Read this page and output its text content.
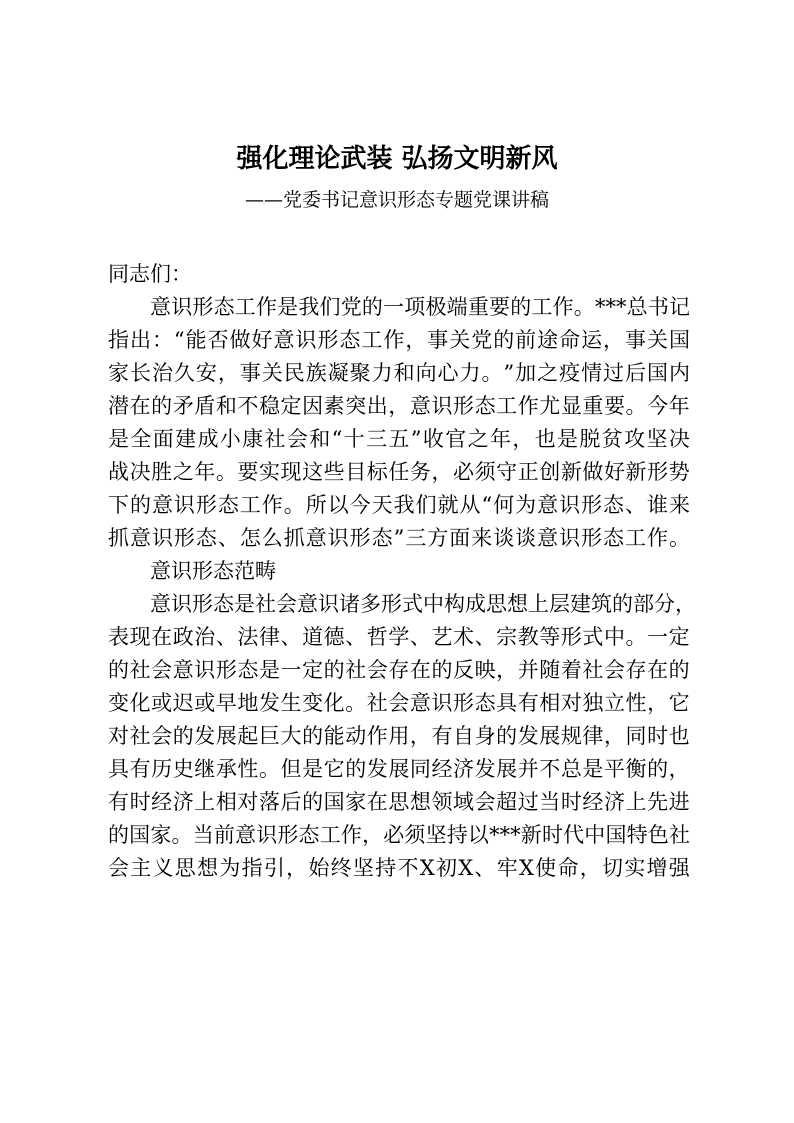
强化理论武装 弘扬文明新风

——党委书记意识形态专题党课讲稿

同志们：
意 识 形 态 工 作 是 我 们 党 的 一 项 极 端 重 要 的 工 作 。 *** 总 书 记
指 出 ： “ 能 否 做 好 意 识 形 态 工 作 ， 事 关 党 的 前 途 命 运 ， 事 关 国
家 长 治 久 安 ， 事 关 民 族 凝 聚 力 和 向 心 力 。 ” 加 之 疫 情 过 后 国 内
潜 在 的 矛 盾 和 不 稳 定 因 素 突 出 ， 意 识 形 态 工 作 尤 显 重 要 。 今 年
是 全 面 建 成 小 康 社 会 和 “ 十 三 五 ” 收 官 之 年 ， 也 是 脱 贫 攻 坚 决
战 决 胜 之 年 。 要 实 现 这 些 目 标 任 务 ， 必 须 守 正 创 新 做 好 新 形 势
下 的 意 识 形 态 工 作 。 所 以 今 天 我 们 就 从 “ 何 为 意 识 形 态 、 谁 来
抓 意 识 形 态 、 怎 么 抓 意 识 形 态 ” 三 方 面 来 谈 谈 意 识 形 态 工 作 。
意识形态范畴
意 识 形 态 是 社 会 意 识 诸 多 形 式 中 构 成 思 想 上 层 建 筑 的 部 分 ，
表 现 在 政 治 、 法 律 、 道 德 、 哲 学 、 艺 术 、 宗 教 等 形 式 中 。 一 定
的 社 会 意 识 形 态 是 一 定 的 社 会 存 在 的 反 映 ， 并 随 着 社 会 存 在 的
变 化 或 迟 或 早 地 发 生 变 化 。 社 会 意 识 形 态 具 有 相 对 独 立 性 ， 它
对 社 会 的 发 展 起 巨 大 的 能 动 作 用 ， 有 自 身 的 发 展 规 律 ， 同 时 也
具 有 历 史 继 承 性 。 但 是 它 的 发 展 同 经 济 发 展 并 不 总 是 平 衡 的 ，
有 时 经 济 上 相 对 落 后 的 国 家 在 思 想 领 域 会 超 过 当 时 经 济 上 先 进
的 国 家 。 当 前 意 识 形 态 工 作 ， 必 须 坚 持 以 *** 新 时 代 中 国 特 色 社
会 主 义 思 想 为 指 引 ， 始 终 坚 持 不 X 初 X 、 牢 X 使 命 ， 切 实 增 强
